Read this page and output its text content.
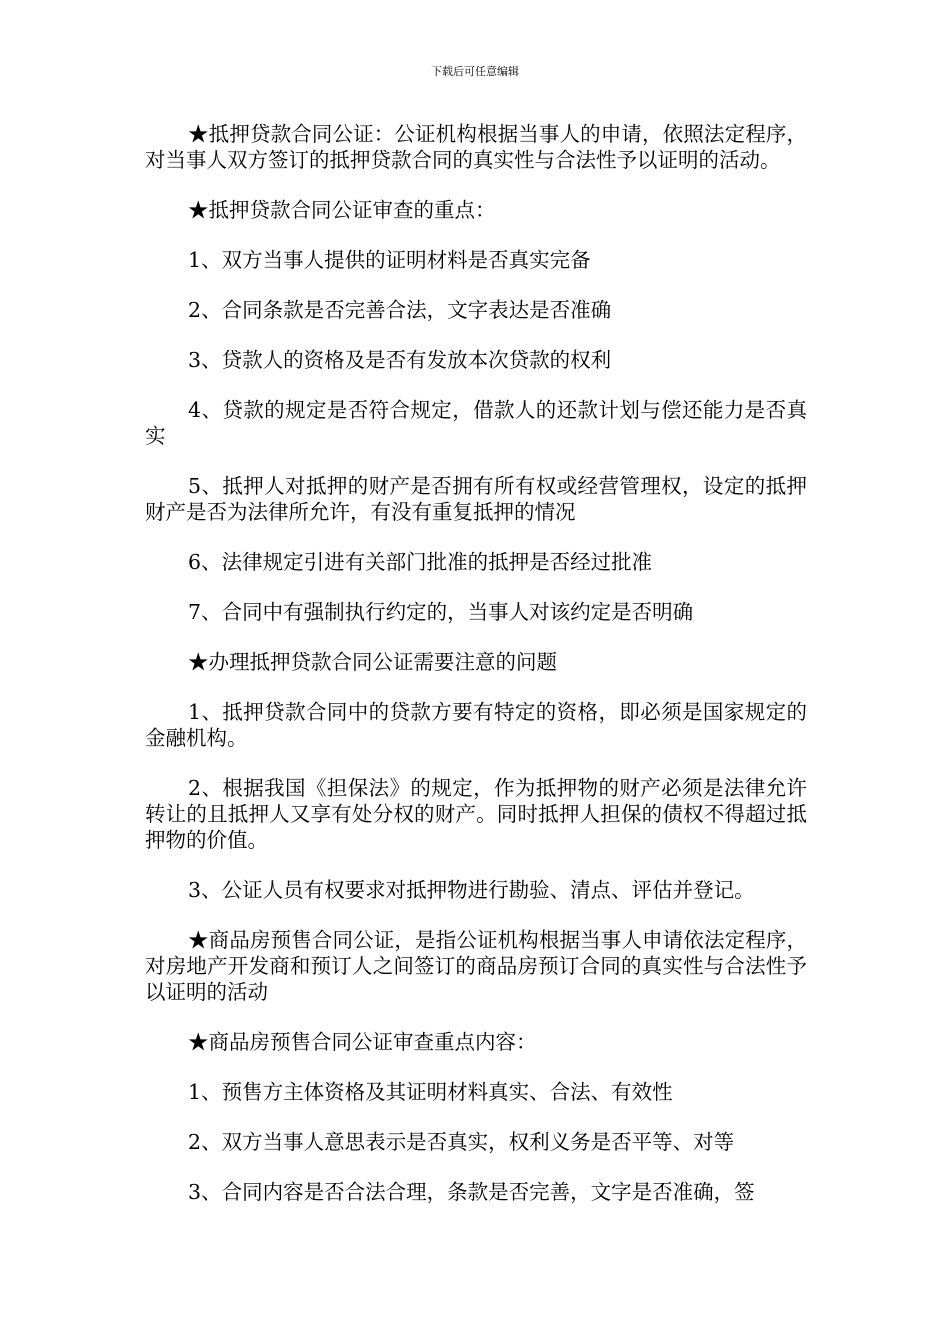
下载后可任意编辑

★抵押贷款合同公证：公证机构根据当事人的申请，依照法定程序，对当事人双方签订的抵押贷款合同的真实性与合法性予以证明的活动。

★抵押贷款合同公证审查的重点：

1、双方当事人提供的证明材料是否真实完备

2、合同条款是否完善合法，文字表达是否准确

3、贷款人的资格及是否有发放本次贷款的权利

4、贷款的规定是否符合规定，借款人的还款计划与偿还能力是否真实

5、抵押人对抵押的财产是否拥有所有权或经营管理权，设定的抵押财产是否为法律所允许，有没有重复抵押的情况

6、法律规定引进有关部门批准的抵押是否经过批准

7、合同中有强制执行约定的，当事人对该约定是否明确

★办理抵押贷款合同公证需要注意的问题

1、抵押贷款合同中的贷款方要有特定的资格，即必须是国家规定的金融机构。

2、根据我国《担保法》的规定，作为抵押物的财产必须是法律允许转让的且抵押人又享有处分权的财产。同时抵押人担保的债权不得超过抵押物的价值。

3、公证人员有权要求对抵押物进行勘验、清点、评估并登记。

★商品房预售合同公证，是指公证机构根据当事人申请依法定程序，对房地产开发商和预订人之间签订的商品房预订合同的真实性与合法性予以证明的活动

★商品房预售合同公证审查重点内容：

1、预售方主体资格及其证明材料真实、合法、有效性

2、双方当事人意思表示是否真实，权利义务是否平等、对等

3、合同内容是否合法合理，条款是否完善，文字是否准确，签
